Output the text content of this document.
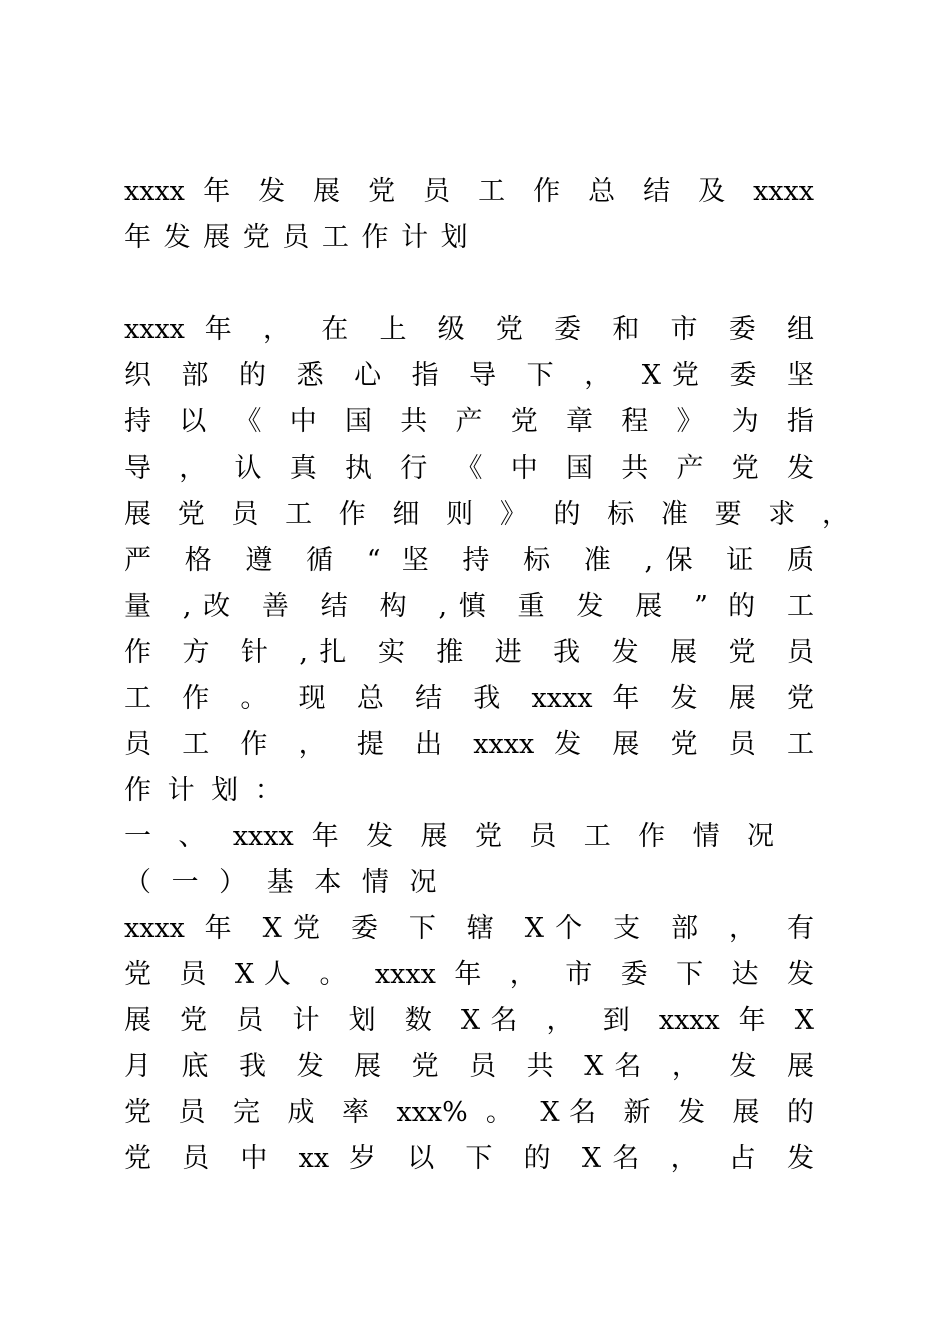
xxxx 年 发 展 党 员 工 作 总 结 及 xxxx
年 发 展 党 员 工 作 计 划
xxxx 年 ， 在 上 级 党 委 和 市 委 组
织 部 的 悉 心 指 导 下 ， X党 委 坚
持 以 《 中 国 共 产 党 章 程 》 为 指
导 ， 认 真 执 行 《 中 国 共 产 党 发
展 党 员 工 作 细 则 》 的 标 准 要 求 ，
严 格 遵 循 “ 坚 持 标 准 ,保 证 质
量 ,改 善 结 构 ,慎 重 发 展 ” 的 工
作 方 针 ,扎 实 推 进 我 发 展 党 员
工 作 。 现 总 结 我 xxxx 年 发 展 党
员 工 作 ， 提 出 xxxx 发 展 党 员 工
作 计 划 ：
一 、 xxxx 年 发 展 党 员 工 作 情 况
（ 一 ） 基 本 情 况
xxxx 年 X党 委 下 辖 X个 支 部 ， 有
党 员 X人 。 xxxx 年 ， 市 委 下 达 发
展 党 员 计 划 数 X名 ， 到 xxxx 年 X
月 底 我 发 展 党 员 共 X名 ， 发 展
党 员 完 成 率 xxx% 。 X名 新 发 展 的
党 员 中 xx 岁 以 下 的 X名 ， 占 发
